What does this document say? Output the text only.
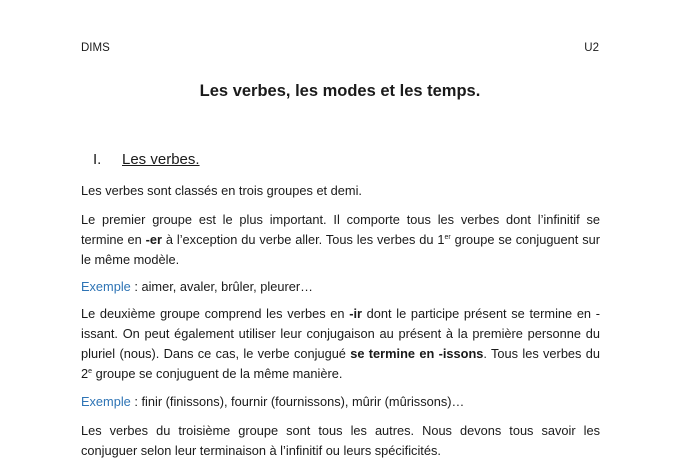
DIMS	U2
Les verbes, les modes et les temps.
I. Les verbes.

Les verbes sont classés en trois groupes et demi.

Le premier groupe est le plus important. Il comporte tous les verbes dont l’infinitif se termine en -er à l’exception du verbe aller. Tous les verbes du 1er groupe se conjuguent sur le même modèle.

Exemple : aimer, avaler, brûler, pleurer…

Le deuxième groupe comprend les verbes en -ir dont le participe présent se termine en -issant. On peut également utiliser leur conjugaison au présent à la première personne du pluriel (nous). Dans ce cas, le verbe conjugué se termine en -issons. Tous les verbes du 2e groupe se conjuguent de la même manière.

Exemple : finir (finissons), fournir (fournissons), mûrir (mûrissons)…

Les verbes du troisième groupe sont tous les autres. Nous devons tous savoir les conjuguer selon leur terminaison à l’infinitif ou leurs spécificités.
